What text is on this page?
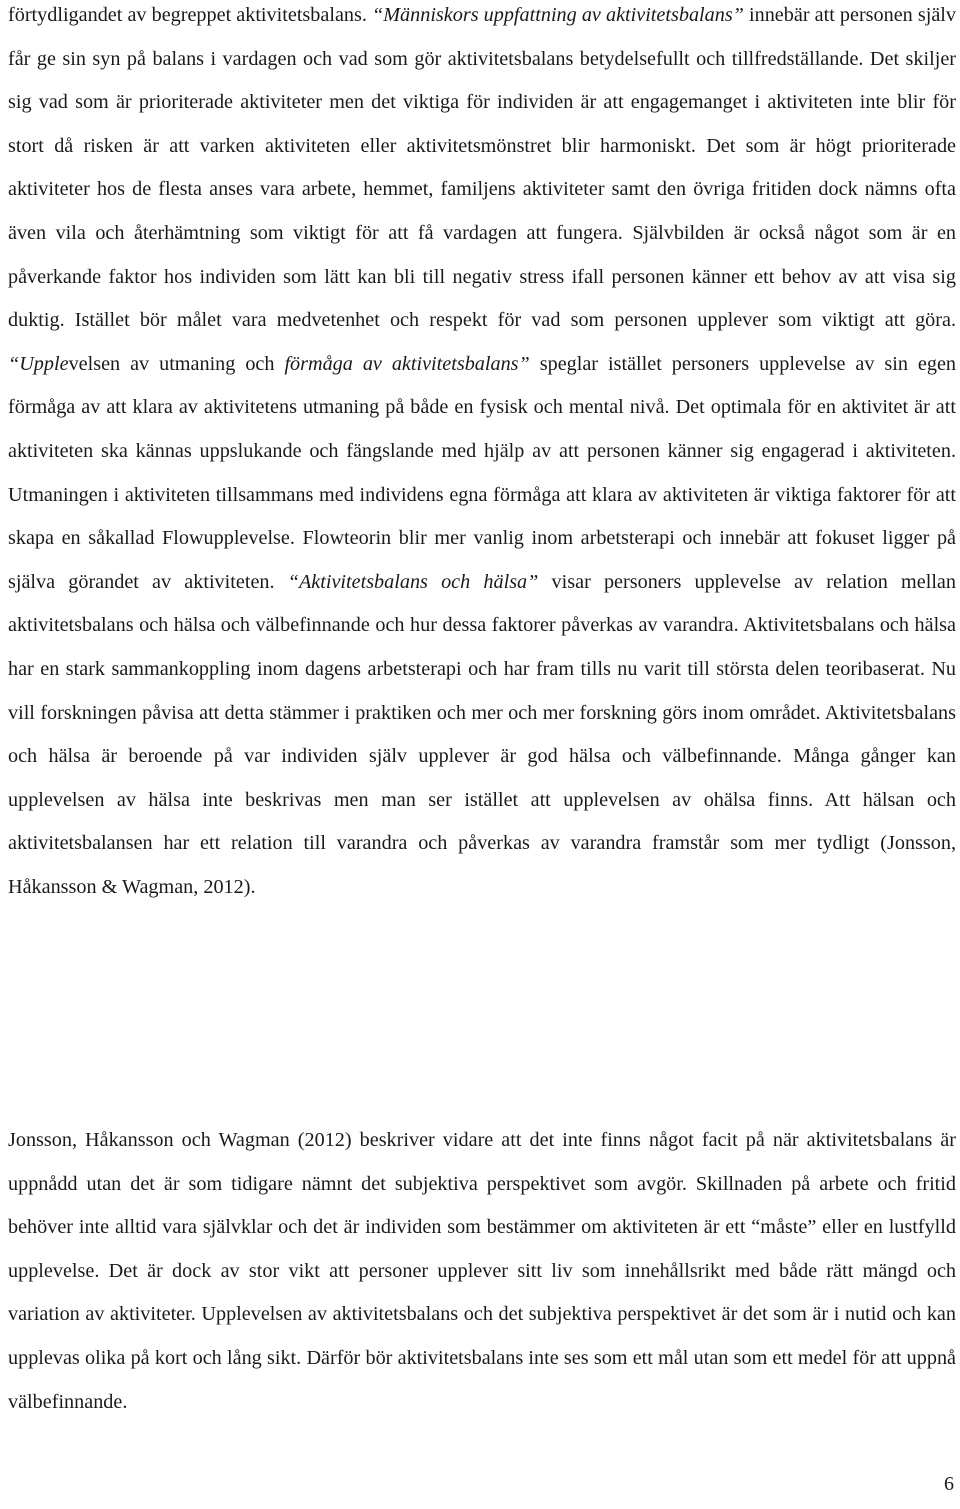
förtydligandet av begreppet aktivitetsbalans. “Människors uppfattning av aktivitetsbalans” innebär att personen själv får ge sin syn på balans i vardagen och vad som gör aktivitetsbalans betydelsefullt och tillfredställande. Det skiljer sig vad som är prioriterade aktiviteter men det viktiga för individen är att engagemanget i aktiviteten inte blir för stort då risken är att varken aktiviteten eller aktivitetsmönstret blir harmoniskt. Det som är högt prioriterade aktiviteter hos de flesta anses vara arbete, hemmet, familjens aktiviteter samt den övriga fritiden dock nämns ofta även vila och återhämtning som viktigt för att få vardagen att fungera. Självbilden är också något som är en påverkande faktor hos individen som lätt kan bli till negativ stress ifall personen känner ett behov av att visa sig duktig. Istället bör målet vara medvetenhet och respekt för vad som personen upplever som viktigt att göra. “Upplevelsen av utmaning och förmåga av aktivitetsbalans” speglar istället personers upplevelse av sin egen förmåga av att klara av aktivitetens utmaning på både en fysisk och mental nivå. Det optimala för en aktivitet är att aktiviteten ska kännas uppslukande och fängslande med hjälp av att personen känner sig engagerad i aktiviteten. Utmaningen i aktiviteten tillsammans med individens egna förmåga att klara av aktiviteten är viktiga faktorer för att skapa en såkallad Flowupplevelse. Flowteorin blir mer vanlig inom arbetsterapi och innebär att fokuset ligger på själva görandet av aktiviteten. “Aktivitetsbalans och hälsa” visar personers upplevelse av relation mellan aktivitetsbalans och hälsa och välbefinnande och hur dessa faktorer påverkas av varandra. Aktivitetsbalans och hälsa har en stark sammankoppling inom dagens arbetsterapi och har fram tills nu varit till största delen teoribaserat. Nu vill forskningen påvisa att detta stämmer i praktiken och mer och mer forskning görs inom området. Aktivitetsbalans och hälsa är beroende på var individen själv upplever är god hälsa och välbefinnande. Många gånger kan upplevelsen av hälsa inte beskrivas men man ser istället att upplevelsen av ohälsa finns. Att hälsan och aktivitetsbalansen har ett relation till varandra och påverkas av varandra framstår som mer tydligt (Jonsson, Håkansson & Wagman, 2012).

Jonsson, Håkansson och Wagman (2012) beskriver vidare att det inte finns något facit på när aktivitetsbalans är uppnådd utan det är som tidigare nämnt det subjektiva perspektivet som avgör. Skillnaden på arbete och fritid behöver inte alltid vara självklar och det är individen som bestämmer om aktiviteten är ett “måste” eller en lustfylld upplevelse. Det är dock av stor vikt att personer upplever sitt liv som innehållsrikt med både rätt mängd och variation av aktiviteter. Upplevelsen av aktivitetsbalans och det subjektiva perspektivet är det som är i nutid och kan upplevas olika på kort och lång sikt. Därför bör aktivitetsbalans inte ses som ett mål utan som ett medel för att uppnå välbefinnande.

6
